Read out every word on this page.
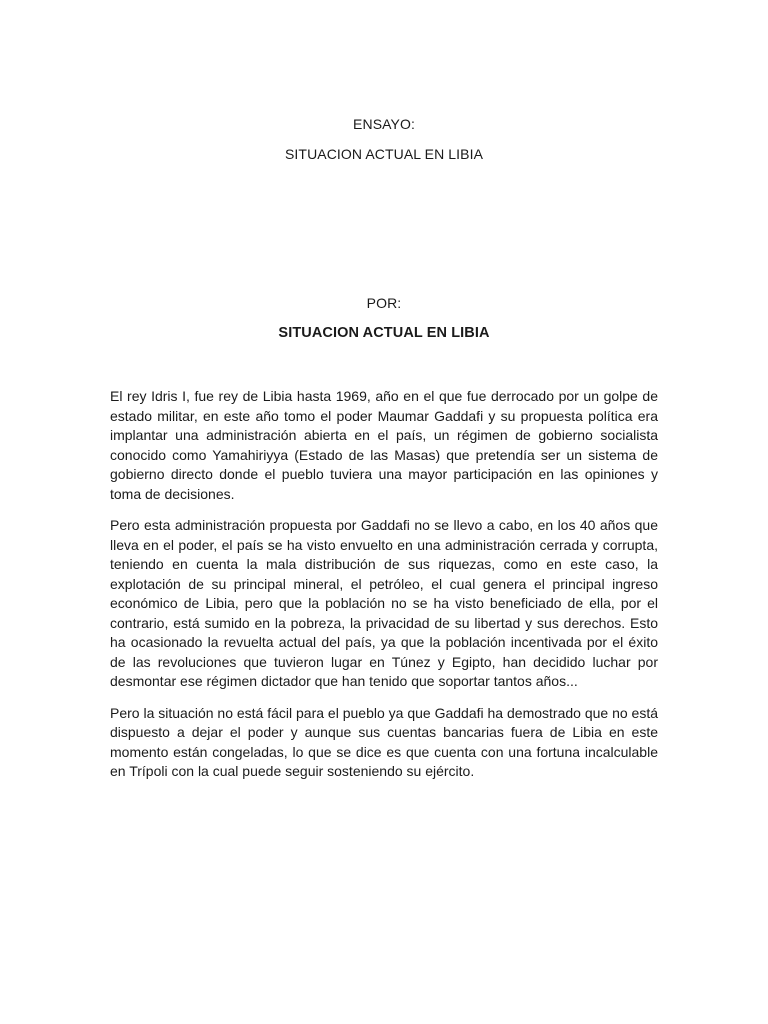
ENSAYO:
SITUACION ACTUAL EN LIBIA
POR:
SITUACION ACTUAL EN LIBIA

El rey Idris I, fue rey de Libia hasta 1969, año en el que fue derrocado por un golpe de estado militar, en este año tomo el poder Maumar Gaddafi y su propuesta política era implantar una administración abierta en el país, un régimen de gobierno socialista conocido como Yamahiriyya (Estado de las Masas) que pretendía ser un sistema de gobierno directo donde el pueblo tuviera una mayor participación en las opiniones y toma de decisiones.

Pero esta administración propuesta por Gaddafi no se llevo a cabo, en los 40 años que lleva en el poder, el país se ha visto envuelto en una administración cerrada y corrupta, teniendo en cuenta la mala distribución de sus riquezas, como en este caso, la explotación de su principal mineral, el petróleo, el cual genera el principal ingreso económico de Libia, pero que la población no se ha visto beneficiado de ella, por el contrario, está sumido en la pobreza, la privacidad de su libertad y sus derechos. Esto ha ocasionado la revuelta actual del país, ya que la población incentivada por el éxito de las revoluciones que tuvieron lugar en Túnez y Egipto, han decidido luchar por desmontar ese régimen dictador que han tenido que soportar tantos años...

Pero la situación no está fácil para el pueblo ya que Gaddafi ha demostrado que no está dispuesto a dejar el poder y aunque sus cuentas bancarias fuera de Libia en este momento están congeladas, lo que se dice es que cuenta con una fortuna incalculable en Trípoli con la cual puede seguir sosteniendo su ejército.
